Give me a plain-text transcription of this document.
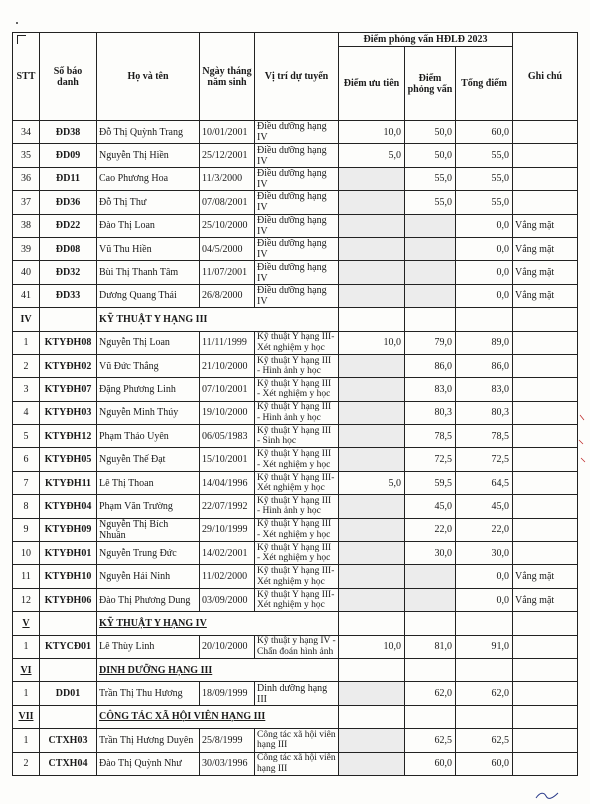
STT	Số báo danh	Họ và tên	Ngày tháng năm sinh	Vị trí dự tuyển	Điểm phỏng vấn HĐLĐ 2023			Ghi chú
					Điểm ưu tiên	Điểm phỏng vấn	Tổng điểm	
34	ĐD38	Đỗ Thị Quỳnh Trang	10/01/2001	Điều dưỡng hạng IV	10,0	50,0	60,0	
35	ĐD09	Nguyễn Thị Hiền	25/12/2001	Điều dưỡng hạng IV	5,0	50,0	55,0	
36	ĐD11	Cao Phương Hoa	11/3/2000	Điều dưỡng hạng IV		55,0	55,0	
37	ĐD36	Đỗ Thị Thư	07/08/2001	Điều dưỡng hạng IV		55,0	55,0	
38	ĐD22	Đào Thị Loan	25/10/2000	Điều dưỡng hạng IV			0,0	Vắng mặt
39	ĐD08	Vũ Thu Hiền	04/5/2000	Điều dưỡng hạng IV			0,0	Vắng mặt
40	ĐD32	Bùi Thị Thanh Tâm	11/07/2001	Điều dưỡng hạng IV			0,0	Vắng mặt
41	ĐD33	Dương Quang Thái	26/8/2000	Điều dưỡng hạng IV			0,0	Vắng mặt
IV		KỸ THUẬT Y HẠNG III						
1	KTYĐH08	Nguyễn Thị Loan	11/11/1999	Kỹ thuật Y hạng III-Xét nghiệm y học	10,0	79,0	89,0	
2	KTYĐH02	Vũ Đức Thắng	21/10/2000	Kỹ thuật Y hạng III - Hình ảnh y học		86,0	86,0	
3	KTYĐH07	Đặng Phương Linh	07/10/2001	Kỹ thuật Y hạng III - Xét nghiệm y học		83,0	83,0	
4	KTYĐH03	Nguyễn Minh Thúy	19/10/2000	Kỹ thuật Y hạng III - Hình ảnh y học		80,3	80,3	
5	KTYĐH12	Phạm Thảo Uyên	06/05/1983	Kỹ thuật Y hạng III - Sinh học		78,5	78,5	
6	KTYĐH05	Nguyễn Thế Đạt	15/10/2001	Kỹ thuật Y hạng III - Xét nghiệm y học		72,5	72,5	
7	KTYĐH11	Lê Thị Thoan	14/04/1996	Kỹ thuật Y hạng III-Xét nghiệm y học	5,0	59,5	64,5	
8	KTYĐH04	Phạm Văn Trường	22/07/1992	Kỹ thuật Y hạng III - Hình ảnh y học		45,0	45,0	
9	KTYĐH09	Nguyễn Thị Bích Nhuần	29/10/1999	Kỹ thuật Y hạng III - Xét nghiệm y học		22,0	22,0	
10	KTYĐH01	Nguyễn Trung Đức	14/02/2001	Kỹ thuật Y hạng III - Xét nghiệm y học		30,0	30,0	
11	KTYĐH10	Nguyễn Hải Ninh	11/02/2000	Kỹ thuật Y hạng III-Xét nghiệm y học			0,0	Vắng mặt
12	KTYĐH06	Đào Thị Phương Dung	03/09/2000	Kỹ thuật Y hạng III-Xét nghiệm y học			0,0	Vắng mặt
V		KỸ THUẬT Y HẠNG IV						
1	KTYCĐ01	Lê Thùy Linh	20/10/2000	Kỹ thuật y hạng IV - Chẩn đoán hình ảnh	10,0	81,0	91,0	
VI		DINH DƯỠNG HẠNG III						
1	DD01	Trần Thị Thu Hương	18/09/1999	Dinh dưỡng hạng III		62,0	62,0	
VII		CÔNG TÁC XÃ HỘI VIÊN HẠNG III						
1	CTXH03	Trần Thị Hương Duyên	25/8/1999	Công tác xã hội viên hạng III		62,5	62,5	
2	CTXH04	Đào Thị Quỳnh Như	30/03/1996	Công tác xã hội viên hạng III		60,0	60,0	
